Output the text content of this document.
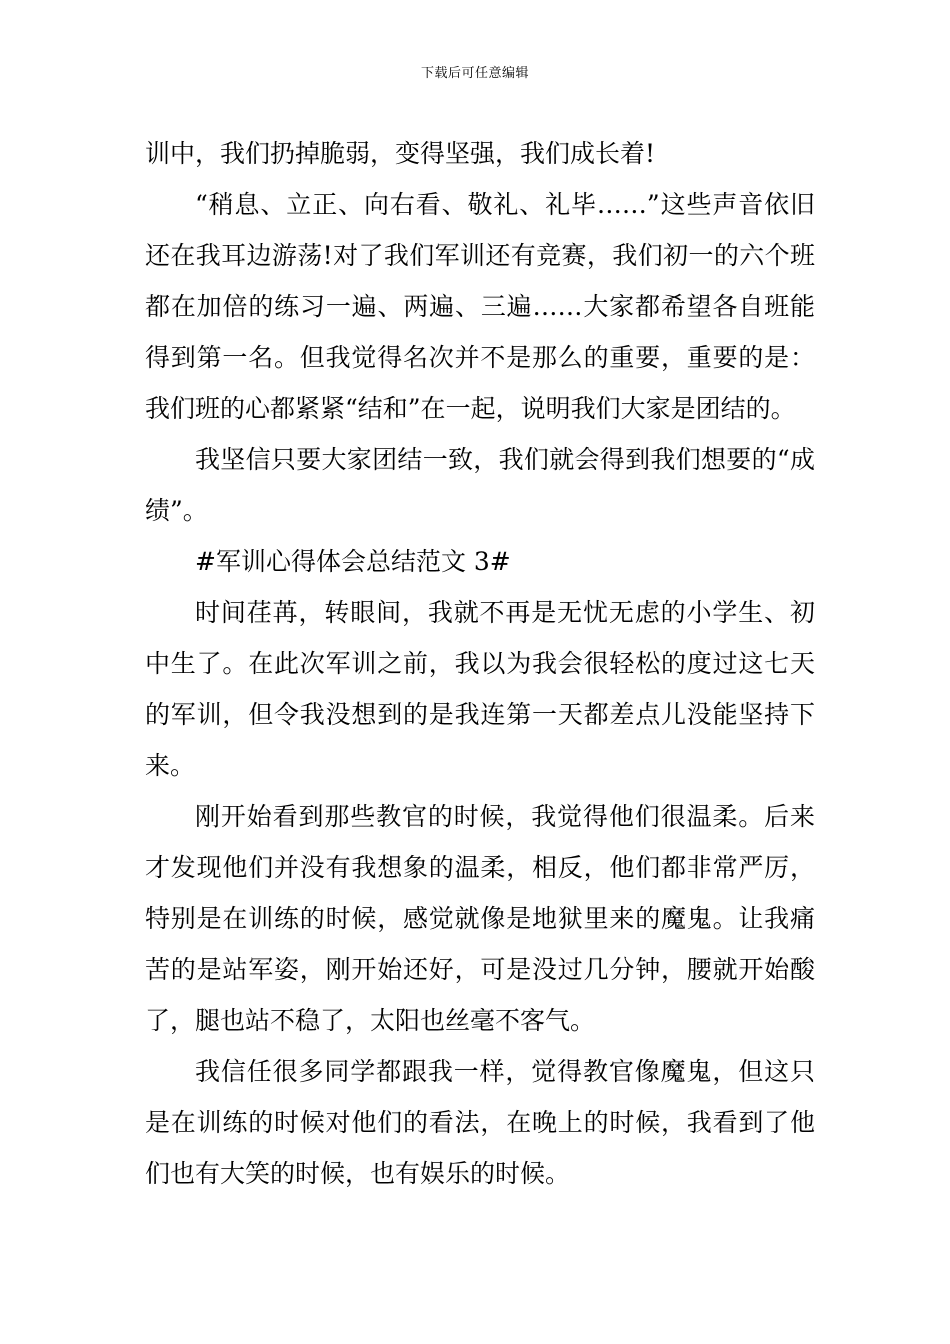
下载后可任意编辑

训中，我们扔掉脆弱，变得坚强，我们成长着!

“稍息、立正、向右看、敬礼、礼毕……”这些声音依旧还在我耳边游荡!对了我们军训还有竞赛，我们初一的六个班都在加倍的练习一遍、两遍、三遍……大家都希望各自班能得到第一名。但我觉得名次并不是那么的重要，重要的是：我们班的心都紧紧“结和”在一起，说明我们大家是团结的。

我坚信只要大家团结一致，我们就会得到我们想要的“成绩”。

#军训心得体会总结范文 3#

时间荏苒，转眼间，我就不再是无忧无虑的小学生、初中生了。在此次军训之前，我以为我会很轻松的度过这七天的军训，但令我没想到的是我连第一天都差点儿没能坚持下来。

刚开始看到那些教官的时候，我觉得他们很温柔。后来才发现他们并没有我想象的温柔，相反，他们都非常严厉，特别是在训练的时候，感觉就像是地狱里来的魔鬼。让我痛苦的是站军姿，刚开始还好，可是没过几分钟，腰就开始酸了，腿也站不稳了，太阳也丝毫不客气。

我信任很多同学都跟我一样，觉得教官像魔鬼，但这只是在训练的时候对他们的看法，在晚上的时候，我看到了他们也有大笑的时候，也有娱乐的时候。
